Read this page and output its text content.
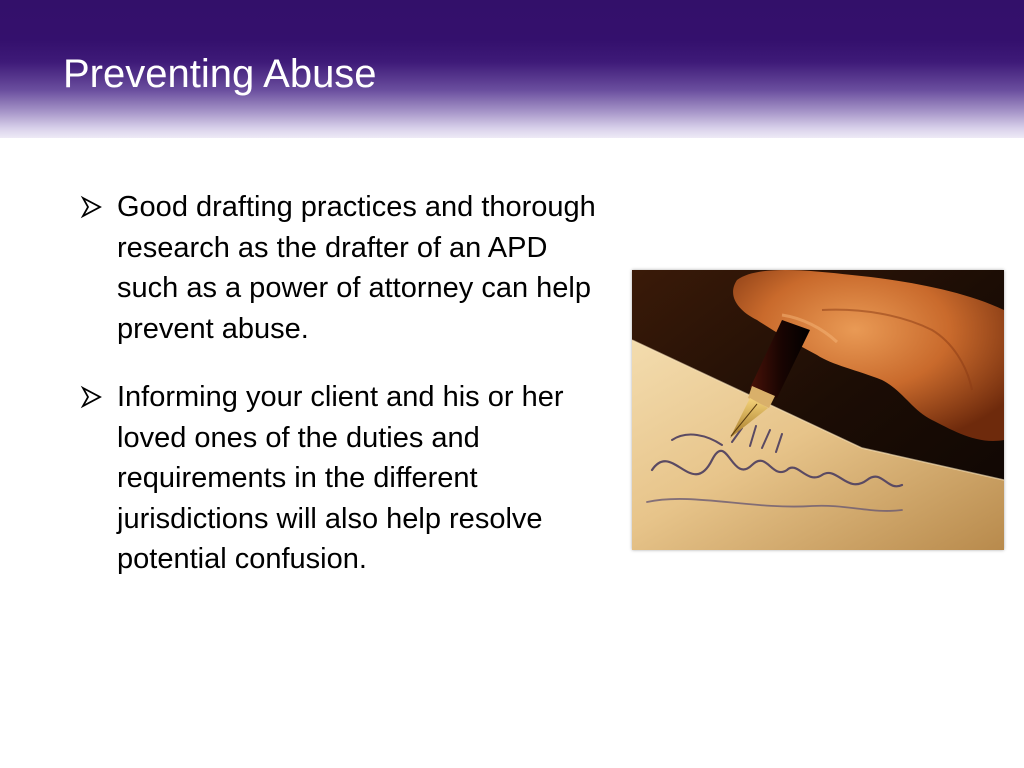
Preventing Abuse
Good drafting practices and thorough research as the drafter of an APD such as a power of attorney can help prevent abuse.
Informing your client and his or her loved ones of the duties and requirements in the different jurisdictions will also help resolve potential confusion.
